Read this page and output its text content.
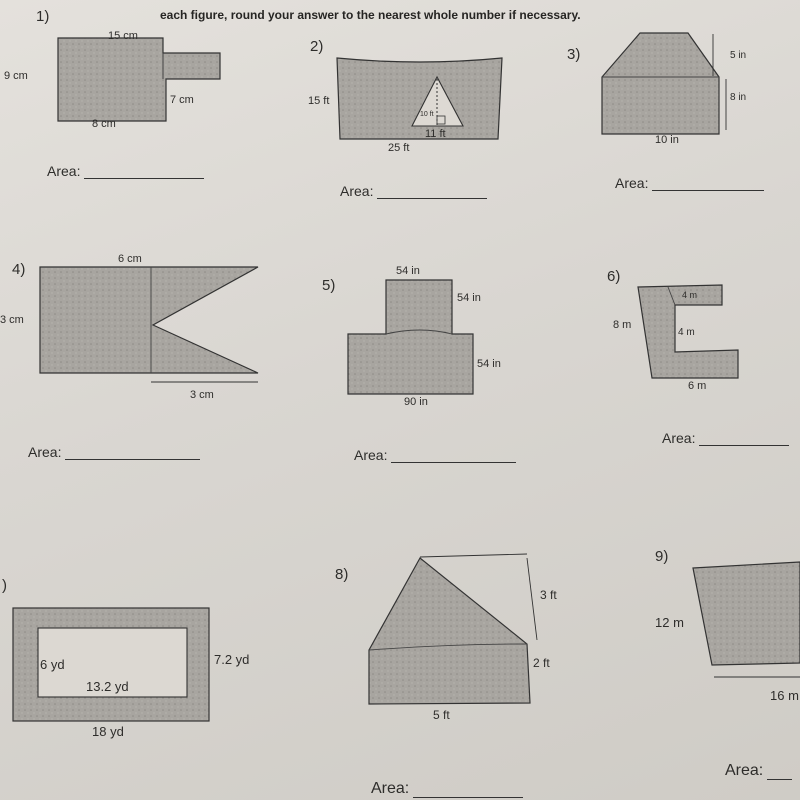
each figure, round your answer to the nearest whole number if necessary.
1)
2)	3)
4)
5)
6)
)
8)
9)
15 cm
9 cm
7 cm
8 cm
15 ft
10 ft
11 ft
25 ft
5 in
8 in
10 in
6 cm
3 cm
3 cm
54 in
54 in
54 in
90 in
4 m
8 m
4 m
6 m
6 yd
13.2 yd
7.2 yd
18 yd
3 ft
2 ft
5 ft
12 m
16 m
Area:
Area:	Area:
Area:	Area:
Area:
Area:
Area:
